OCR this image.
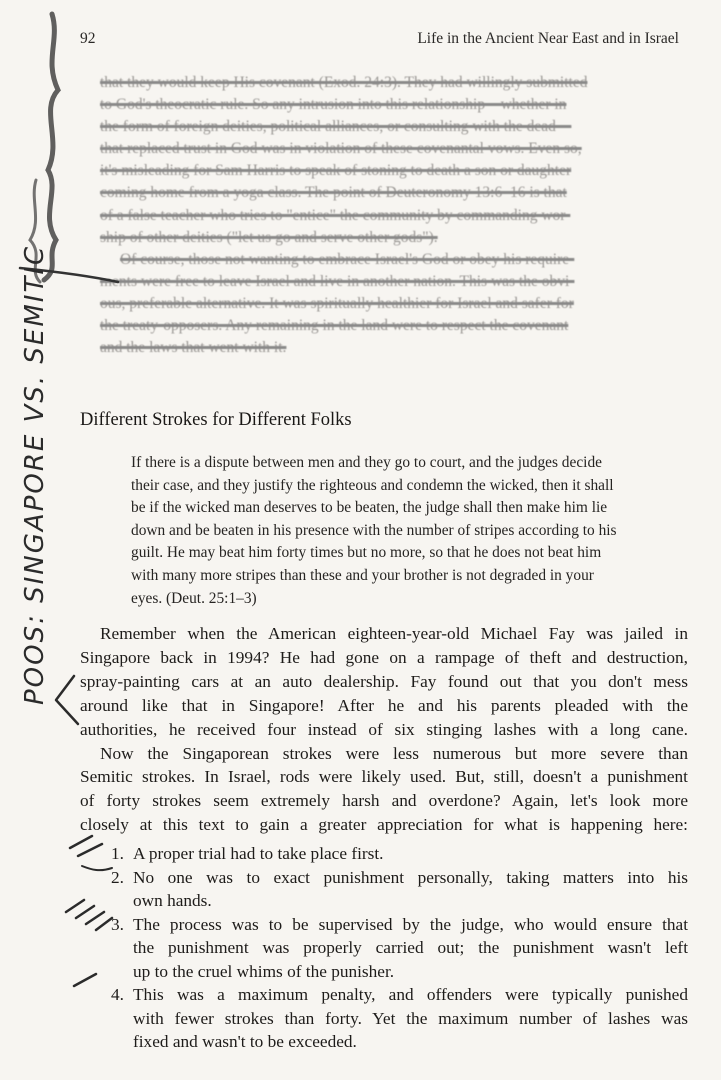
92	Life in the Ancient Near East and in Israel

that they would keep His covenant (Exod. 24:3). They had willingly submitted
to God's theocratic rule. So any intrusion into this relationship—whether in
the form of foreign deities, political alliances, or consulting with the dead—
that replaced trust in God was in violation of these covenantal vows. Even so,
it's misleading for Sam Harris to speak of stoning to death a son or daughter
coming home from a yoga class. The point of Deuteronomy 13:6–16 is that
of a false teacher who tries to "entice" the community by commanding wor-
ship of other deities ("let us go and serve other gods").

Of course, those not wanting to embrace Israel's God or obey his require-
ments were free to leave Israel and live in another nation. This was the obvi-
ous, preferable alternative. It was spiritually healthier for Israel and safer for
the treaty-opposers. Any remaining in the land were to respect the covenant
and the laws that went with it.

Different Strokes for Different Folks
If there is a dispute between men and they go to court, and the judges decide
their case, and they justify the righteous and condemn the wicked, then it shall
be if the wicked man deserves to be beaten, the judge shall then make him lie
down and be beaten in his presence with the number of stripes according to his
guilt. He may beat him forty times but no more, so that he does not beat him
with many more stripes than these and your brother is not degraded in your
eyes. (Deut. 25:1–3)
Remember when the American eighteen-year-old Michael Fay was jailed in
Singapore back in 1994? He had gone on a rampage of theft and destruction,
spray-painting cars at an auto dealership. Fay found out that you don't mess
around like that in Singapore! After he and his parents pleaded with the
authorities, he received four instead of six stinging lashes with a long cane.
Now the Singaporean strokes were less numerous but more severe than
Semitic strokes. In Israel, rods were likely used. But, still, doesn't a punishment
of forty strokes seem extremely harsh and overdone? Again, let's look more
closely at this text to gain a greater appreciation for what is happening here:
1. A proper trial had to take place first.
2. No one was to exact punishment personally, taking matters into his
own hands.
3. The process was to be supervised by the judge, who would ensure that
the punishment was properly carried out; the punishment wasn't left
up to the cruel whims of the punisher.
4. This was a maximum penalty, and offenders were typically punished
with fewer strokes than forty. Yet the maximum number of lashes was
fixed and wasn't to be exceeded.
POOS: SINGAPORE VS. SEMITIC
